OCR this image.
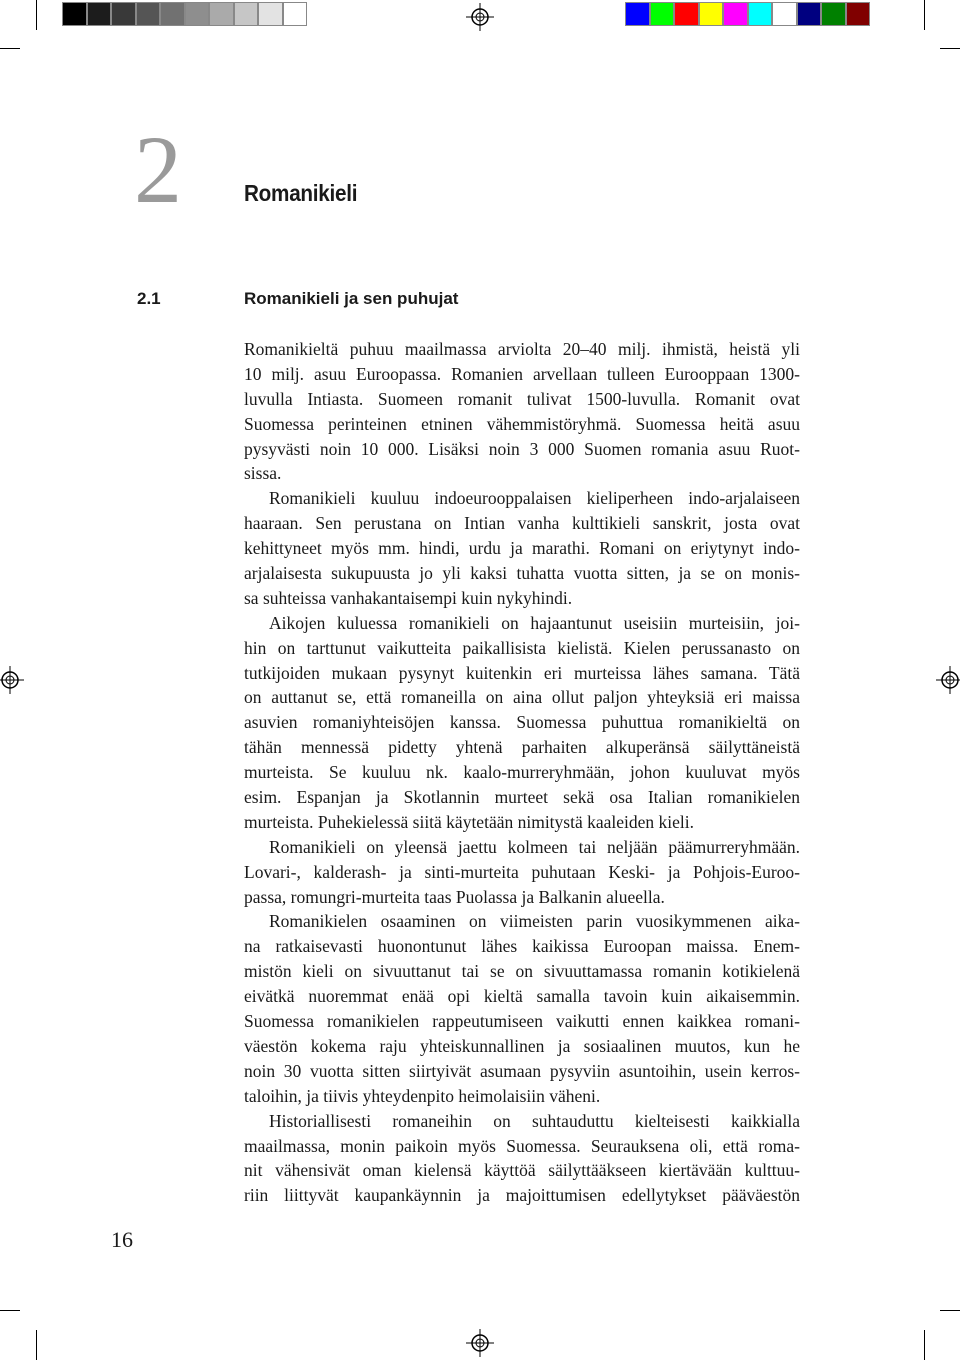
2	Romanikieli
2.1	Romanikieli ja sen puhujat
Romanikieltä puhuu maailmassa arviolta 20–40 milj. ihmistä, heistä yli
10 milj. asuu Euroopassa. Romanien arvellaan tulleen Eurooppaan 1300-
luvulla Intiasta. Suomeen romanit tulivat 1500-luvulla. Romanit ovat
Suomessa perinteinen etninen vähemmistöryhmä. Suomessa heitä asuu
pysyvästi noin 10 000. Lisäksi noin 3 000 Suomen romania asuu Ruot-
sissa.
Romanikieli kuuluu indoeurooppalaisen kieliperheen indo-arjalaiseen
haaraan. Sen perustana on Intian vanha kulttikieli sanskrit, josta ovat
kehittyneet myös mm. hindi, urdu ja marathi. Romani on eriytynyt indo-
arjalaisesta sukupuusta jo yli kaksi tuhatta vuotta sitten, ja se on monis-
sa suhteissa vanhakantaisempi kuin nykyhindi.
Aikojen kuluessa romanikieli on hajaantunut useisiin murteisiin, joi-
hin on tarttunut vaikutteita paikallisista kielistä. Kielen perussanasto on
tutkijoiden mukaan pysynyt kuitenkin eri murteissa lähes samana. Tätä
on auttanut se, että romaneilla on aina ollut paljon yhteyksiä eri maissa
asuvien romaniyhteisöjen kanssa. Suomessa puhuttua romanikieltä on
tähän mennessä pidetty yhtenä parhaiten alkuperänsä säilyttäneistä
murteista. Se kuuluu nk. kaalo-murreryhmään, johon kuuluvat myös
esim. Espanjan ja Skotlannin murteet sekä osa Italian romanikielen
murteista. Puhekielessä siitä käytetään nimitystä kaaleiden kieli.
Romanikieli on yleensä jaettu kolmeen tai neljään päämurreryhmään.
Lovari-, kalderash- ja sinti-murteita puhutaan Keski- ja Pohjois-Euroo-
passa, romungri-murteita taas Puolassa ja Balkanin alueella.
Romanikielen osaaminen on viimeisten parin vuosikymmenen aika-
na ratkaisevasti huonontunut lähes kaikissa Euroopan maissa. Enem-
mistön kieli on sivuuttanut tai se on sivuuttamassa romanin kotikielenä
eivätkä nuoremmat enää opi kieltä samalla tavoin kuin aikaisemmin.
Suomessa romanikielen rappeutumiseen vaikutti ennen kaikkea romani-
väestön kokema raju yhteiskunnallinen ja sosiaalinen muutos, kun he
noin 30 vuotta sitten siirtyivät asumaan pysyviin asuntoihin, usein kerros-
taloihin, ja tiivis yhteydenpito heimolaisiin väheni.
Historiallisesti romaneihin on suhtauduttu kielteisesti kaikkialla
maailmassa, monin paikoin myös Suomessa. Seurauksena oli, että roma-
nit vähensivät oman kielensä käyttöä säilyttääkseen kiertävään kulttuu-
riin liittyvät kaupankäynnin ja majoittumisen edellytykset pääväestön
16
